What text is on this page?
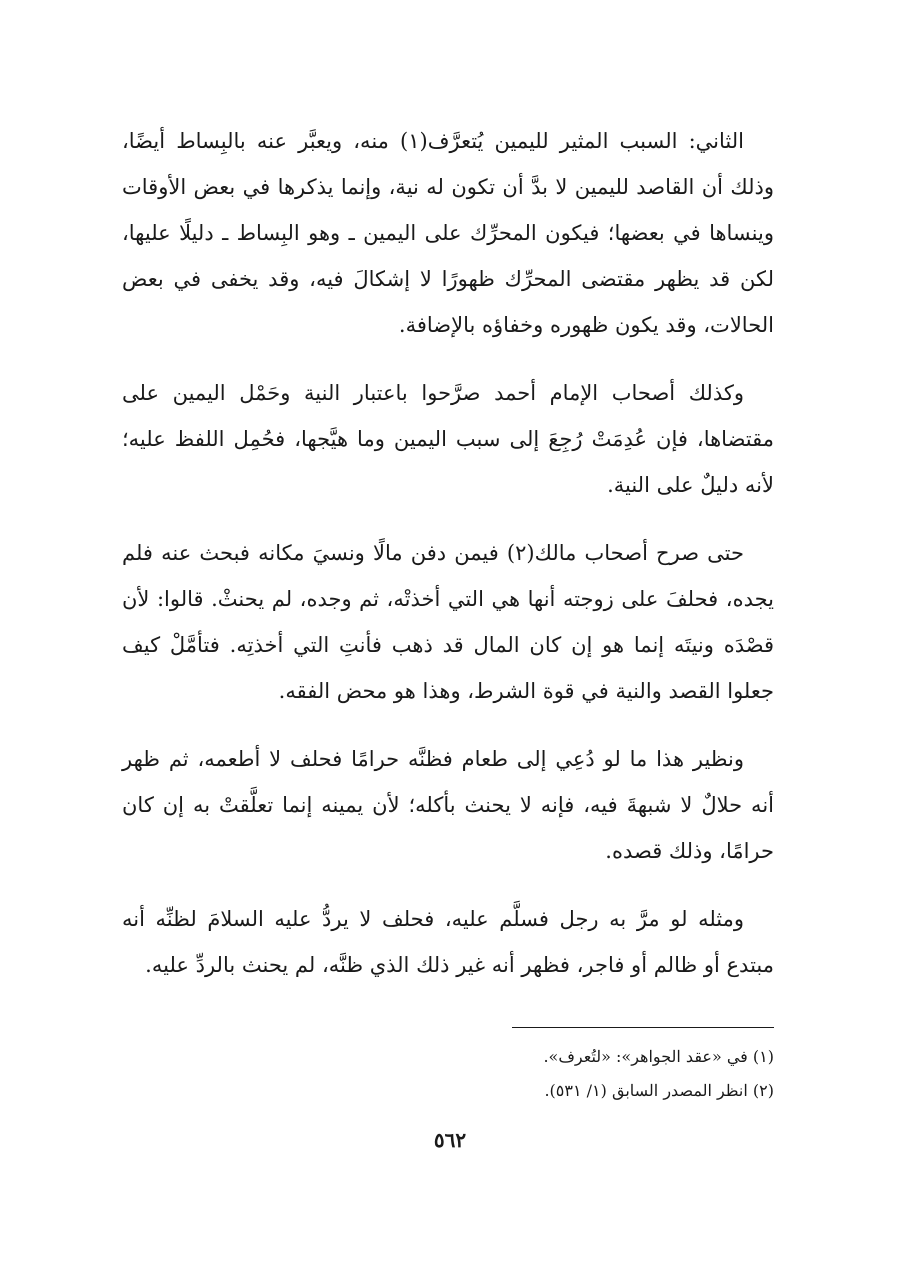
الثاني: السبب المثير لليمين يُتعرَّف(١) منه، ويعبَّر عنه بالبِساط أيضًا، وذلك أن القاصد لليمين لا بدَّ أن تكون له نية، وإنما يذكرها في بعض الأوقات وينساها في بعضها؛ فيكون المحرِّك على اليمين ـ وهو البِساط ـ دليلًا عليها، لكن قد يظهر مقتضى المحرِّك ظهورًا لا إشكالَ فيه، وقد يخفى في بعض الحالات، وقد يكون ظهوره وخفاؤه بالإضافة.

وكذلك أصحاب الإمام أحمد صرَّحوا باعتبار النية وحَمْل اليمين على مقتضاها، فإن عُدِمَتْ رُجِعَ إلى سبب اليمين وما هيَّجها، فحُمِل اللفظ عليه؛ لأنه دليلٌ على النية.

حتى صرح أصحاب مالك(٢) فيمن دفن مالًا ونسيَ مكانه فبحث عنه فلم يجده، فحلفَ على زوجته أنها هي التي أخذتْه، ثم وجده، لم يحنثْ. قالوا: لأن قصْدَه ونيتَه إنما هو إن كان المال قد ذهب فأنتِ التي أخذتِه. فتأمَّلْ كيف جعلوا القصد والنية في قوة الشرط، وهذا هو محض الفقه.

ونظير هذا ما لو دُعِي إلى طعام فظنَّه حرامًا فحلف لا أطعمه، ثم ظهر أنه حلالٌ لا شبهةَ فيه، فإنه لا يحنث بأكله؛ لأن يمينه إنما تعلَّقتْ به إن كان حرامًا، وذلك قصده.

ومثله لو مرَّ به رجل فسلَّم عليه، فحلف لا يردُّ عليه السلامَ لظنِّه أنه مبتدع أو ظالم أو فاجر، فظهر أنه غير ذلك الذي ظنَّه، لم يحنث بالردِّ عليه.

(١) في «عقد الجواهر»: «لتُعرف».

(٢) انظر المصدر السابق (١/ ٥٣١).

٥٦٢
